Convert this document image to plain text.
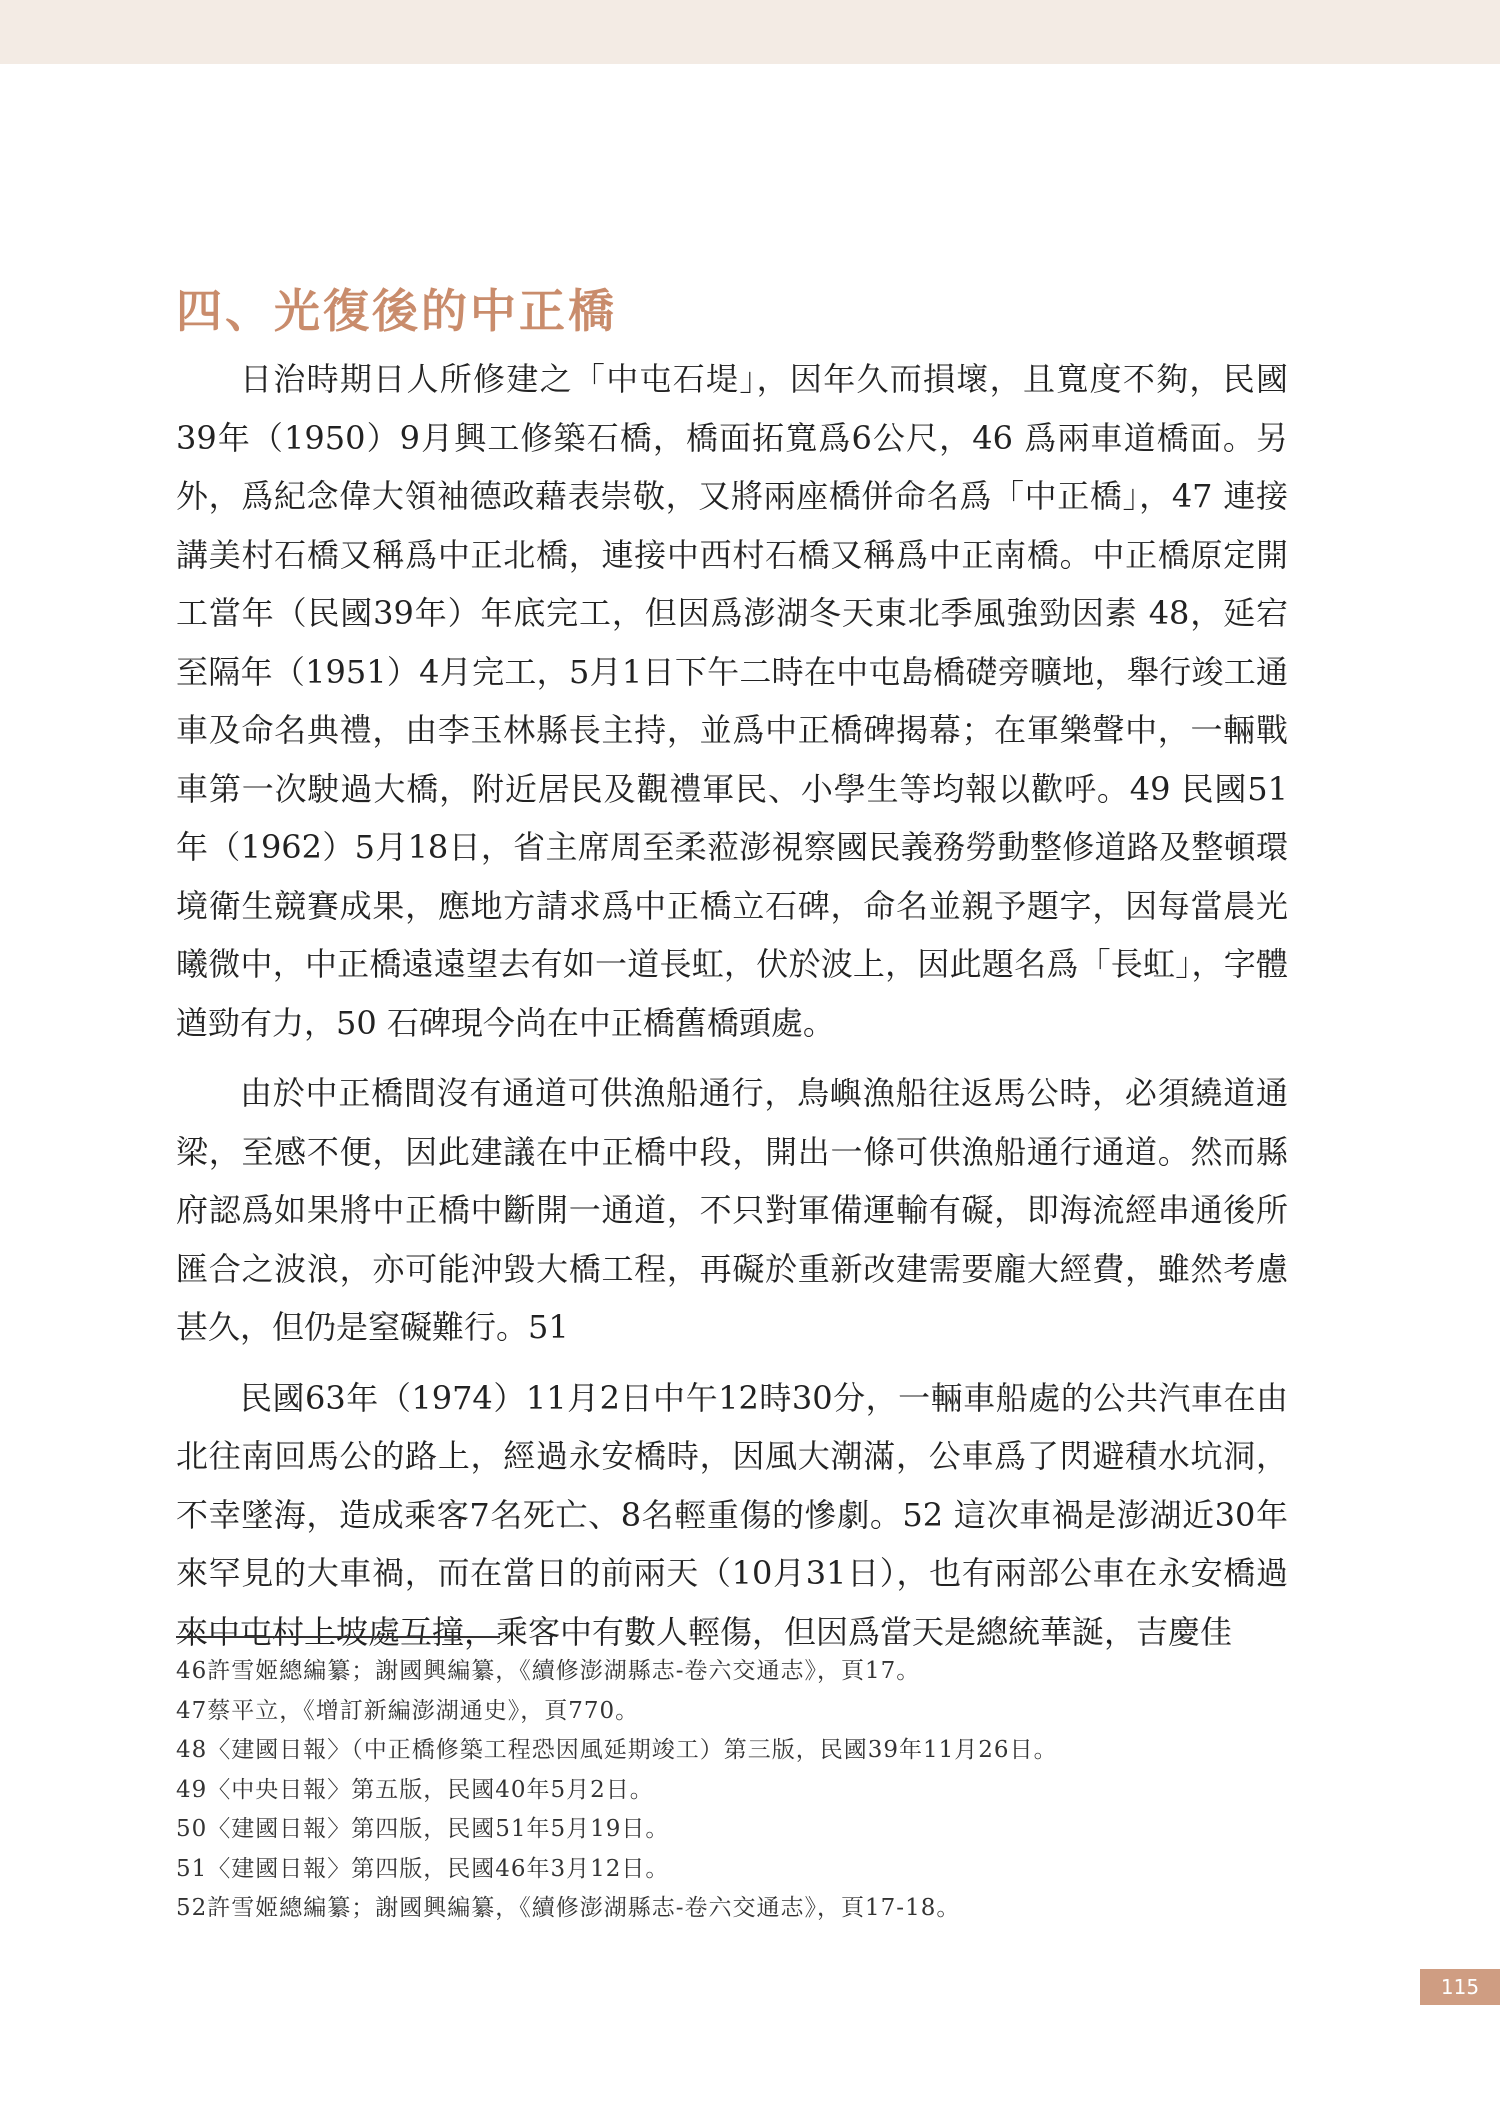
四、光復後的中正橋

日治時期日人所修建之「中屯石堤」，因年久而損壞，且寬度不夠，民國39年（1950）9月興工修築石橋，橋面拓寬爲6公尺，46 爲兩車道橋面。另外，爲紀念偉大領袖德政藉表崇敬，又將兩座橋併命名爲「中正橋」，47 連接講美村石橋又稱爲中正北橋，連接中西村石橋又稱爲中正南橋。中正橋原定開工當年（民國39年）年底完工，但因爲澎湖冬天東北季風強勁因素 48，延宕至隔年（1951）4月完工，5月1日下午二時在中屯島橋礎旁曠地，舉行竣工通車及命名典禮，由李玉林縣長主持，並爲中正橋碑揭幕；在軍樂聲中，一輛戰車第一次駛過大橋，附近居民及觀禮軍民、小學生等均報以歡呼。49 民國51年（1962）5月18日，省主席周至柔蒞澎視察國民義務勞動整修道路及整頓環境衛生競賽成果，應地方請求爲中正橋立石碑，命名並親予題字，因每當晨光曦微中，中正橋遠遠望去有如一道長虹，伏於波上，因此題名爲「長虹」，字體遒勁有力，50 石碑現今尚在中正橋舊橋頭處。

由於中正橋間沒有通道可供漁船通行，鳥嶼漁船往返馬公時，必須繞道通梁，至感不便，因此建議在中正橋中段，開出一條可供漁船通行通道。然而縣府認爲如果將中正橋中斷開一通道，不只對軍備運輸有礙，即海流經串通後所匯合之波浪，亦可能沖毀大橋工程，再礙於重新改建需要龐大經費，雖然考慮甚久，但仍是窒礙難行。51

民國63年（1974）11月2日中午12時30分，一輛車船處的公共汽車在由北往南回馬公的路上，經過永安橋時，因風大潮滿，公車爲了閃避積水坑洞，不幸墜海，造成乘客7名死亡、8名輕重傷的慘劇。52 這次車禍是澎湖近30年來罕見的大車禍，而在當日的前兩天（10月31日），也有兩部公車在永安橋過來中屯村上坡處互撞，乘客中有數人輕傷，但因爲當天是總統華誕，吉慶佳

46許雪姬總編纂；謝國興編纂，《續修澎湖縣志-卷六交通志》，頁17。
47蔡平立，《增訂新編澎湖通史》，頁770。
48〈建國日報〉（中正橋修築工程恐因風延期竣工）第三版，民國39年11月26日。
49〈中央日報〉第五版，民國40年5月2日。
50〈建國日報〉第四版，民國51年5月19日。
51〈建國日報〉第四版，民國46年3月12日。
52許雪姬總編纂；謝國興編纂，《續修澎湖縣志-卷六交通志》，頁17-18。
115
